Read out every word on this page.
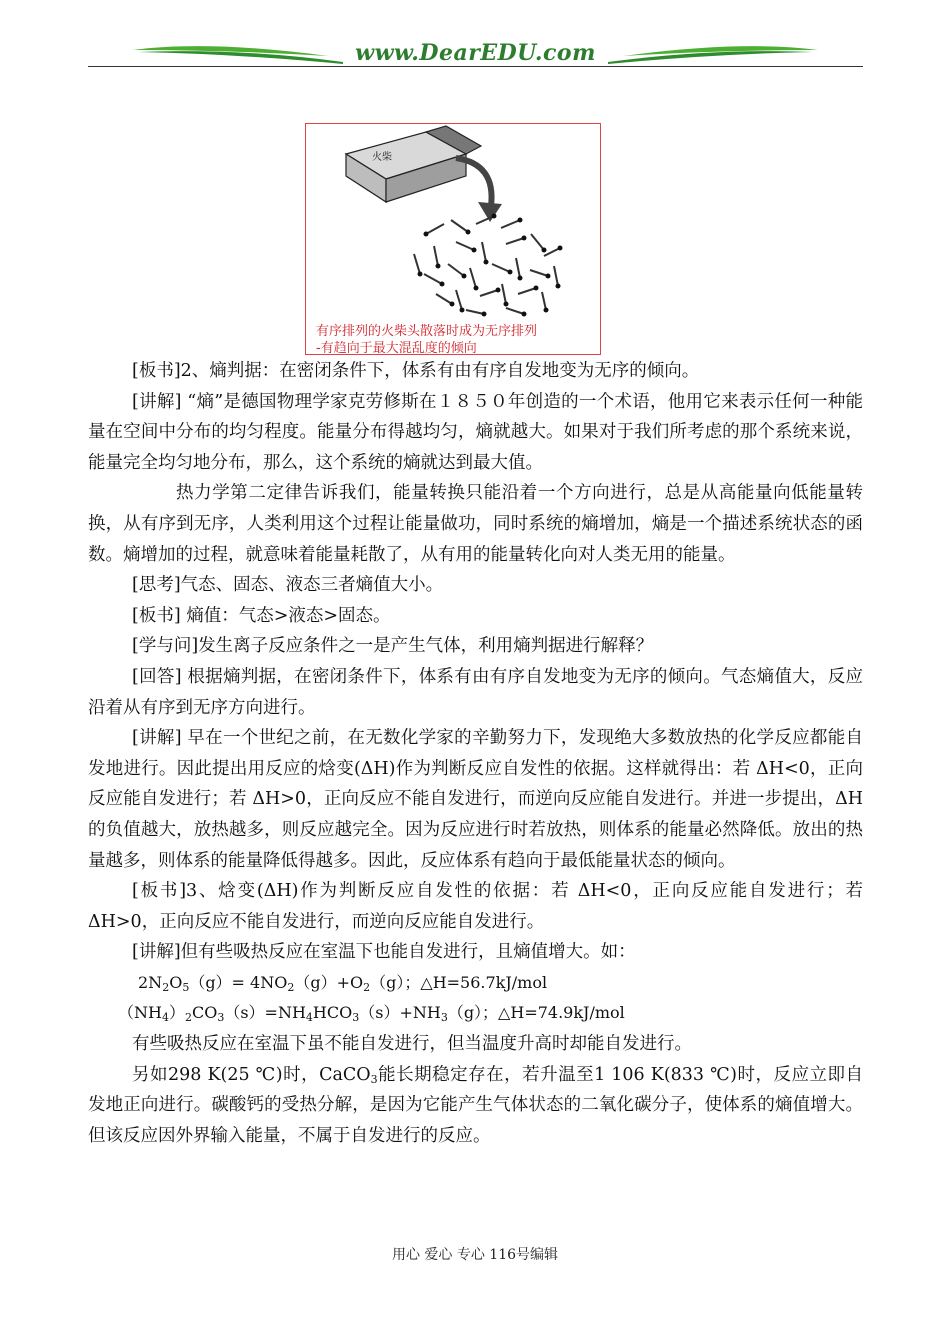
www.DearEDU.com
火柴
有序排列的火柴头散落时成为无序排列
-有趋向于最大混乱度的倾向

[板书]2、熵判据：在密闭条件下，体系有由有序自发地变为无序的倾向。

[讲解] “熵”是德国物理学家克劳修斯在１８５０年创造的一个术语，他用它来表示任何一种能量在空间中分布的均匀程度。能量分布得越均匀，熵就越大。如果对于我们所考虑的那个系统来说，能量完全均匀地分布，那么，这个系统的熵就达到最大值。

热力学第二定律告诉我们，能量转换只能沿着一个方向进行，总是从高能量向低能量转换，从有序到无序，人类利用这个过程让能量做功，同时系统的熵增加，熵是一个描述系统状态的函数。熵增加的过程，就意味着能量耗散了，从有用的能量转化向对人类无用的能量。

[思考]气态、固态、液态三者熵值大小。

[板书] 熵值：气态>液态>固态。

[学与问]发生离子反应条件之一是产生气体，利用熵判据进行解释？

[回答] 根据熵判据，在密闭条件下，体系有由有序自发地变为无序的倾向。气态熵值大，反应沿着从有序到无序方向进行。

[讲解] 早在一个世纪之前，在无数化学家的辛勤努力下，发现绝大多数放热的化学反应都能自发地进行。因此提出用反应的焓变(ΔH)作为判断反应自发性的依据。这样就得出：若 ΔH<0，正向反应能自发进行；若 ΔH>0，正向反应不能自发进行，而逆向反应能自发进行。并进一步提出，ΔH的负值越大，放热越多，则反应越完全。因为反应进行时若放热，则体系的能量必然降低。放出的热量越多，则体系的能量降低得越多。因此，反应体系有趋向于最低能量状态的倾向。

[板书]3、焓变(ΔH)作为判断反应自发性的依据：若 ΔH<0，正向反应能自发进行；若 ΔH>0，正向反应不能自发进行，而逆向反应能自发进行。

[讲解]但有些吸热反应在室温下也能自发进行，且熵值增大。如：

$2N_2O_5(g)= 4NO_2(g)+O_2(g)$；△H=56.7kJ/mol

$(NH_4)_2CO_3(s)=NH_4HCO_3(s)+NH_3(g)$；△H=74.9kJ/mol

有些吸热反应在室温下虽不能自发进行，但当温度升高时却能自发进行。

另如298 K(25 ℃)时，CaCO$_3$能长期稳定存在，若升温至1 106 K(833 ℃)时，反应立即自发地正向进行。碳酸钙的受热分解，是因为它能产生气体状态的二氧化碳分子，使体系的熵值增大。但该反应因外界输入能量，不属于自发进行的反应。

用心 爱心 专心 116号编辑
